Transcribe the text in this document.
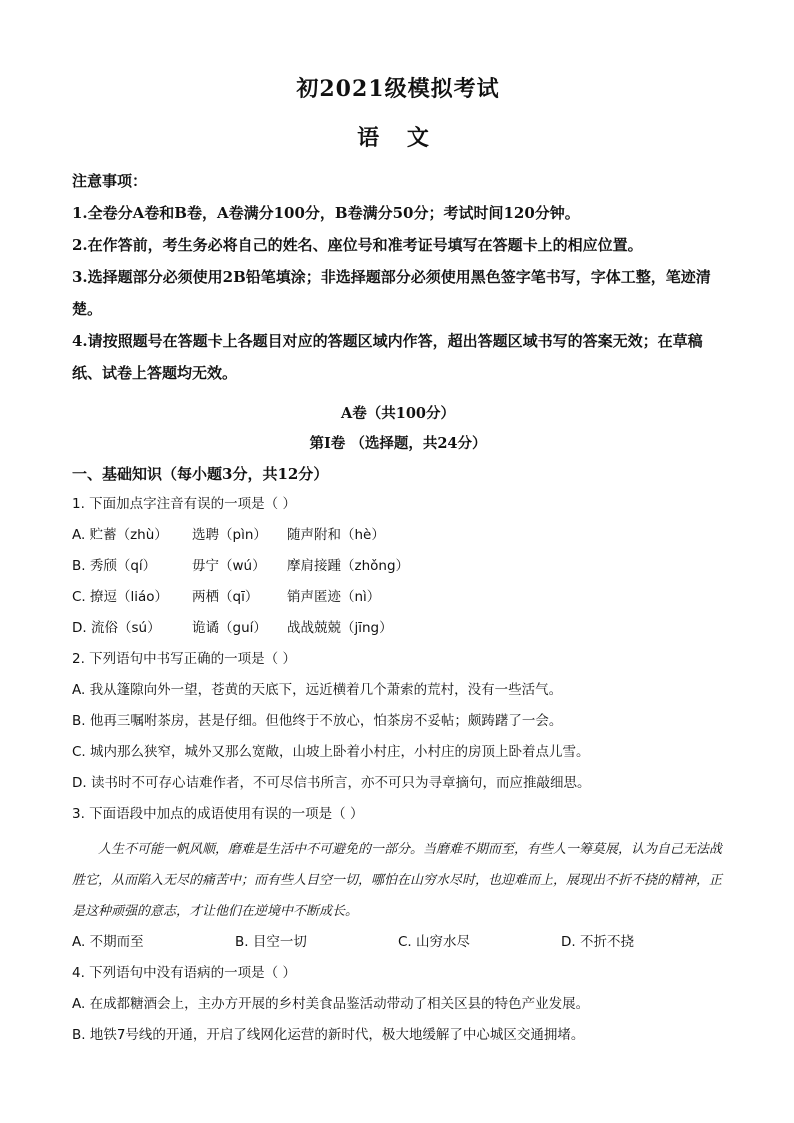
初2021级模拟考试
语 文

注意事项：

1.全卷分A卷和B卷，A卷满分100分，B卷满分50分；考试时间120分钟。

2.在作答前，考生务必将自己的姓名、座位号和准考证号填写在答题卡上的相应位置。

3.选择题部分必须使用2B铅笔填涂；非选择题部分必须使用黑色签字笔书写，字体工整，笔迹清楚。

4.请按照题号在答题卡上各题目对应的答题区域内作答，超出答题区域书写的答案无效；在草稿纸、试卷上答题均无效。

A卷（共100分）

第Ⅰ卷 （选择题，共24分）

一、基础知识（每小题3分，共12分）

1. 下面加点字注音有误的一项是（ ）

A. 贮蓄（zhù）	选聘（pìn）	随声附和（hè）
B. 秀颀（qí）	毋宁（wú）	摩肩接踵（zhǒng）
C. 撩逗（liáo）	两栖（qī）	销声匿迹（nì）
D. 流俗（sú）	诡谲（guí）	战战兢兢（jīng）

2. 下列语句中书写正确的一项是（ ）

A. 我从篷隙向外一望，苍黄的天底下，远近横着几个萧索的荒村，没有一些活气。

B. 他再三嘱咐茶房，甚是仔细。但他终于不放心，怕茶房不妥帖；颇踌躇了一会。

C. 城内那么狭窄，城外又那么宽敞，山坡上卧着小村庄，小村庄的房顶上卧着点儿雪。

D. 读书时不可存心诘难作者，不可尽信书所言，亦不可只为寻章摘句，而应推敲细思。

3. 下面语段中加点的成语使用有误的一项是（ ）

人生不可能一帆风顺，磨难是生活中不可避免的一部分。当磨难不期而至，有些人一筹莫展，认为自己无法战胜它，从而陷入无尽的痛苦中；而有些人目空一切，哪怕在山穷水尽时，也迎难而上，展现出不折不挠的精神，正是这种顽强的意志，才让他们在逆境中不断成长。

A. 不期而至	B. 目空一切	C. 山穷水尽	D. 不折不挠

4. 下列语句中没有语病的一项是（ ）

A. 在成都糖酒会上，主办方开展的乡村美食品鉴活动带动了相关区县的特色产业发展。

B. 地铁7号线的开通，开启了线网化运营的新时代，极大地缓解了中心城区交通拥堵。
